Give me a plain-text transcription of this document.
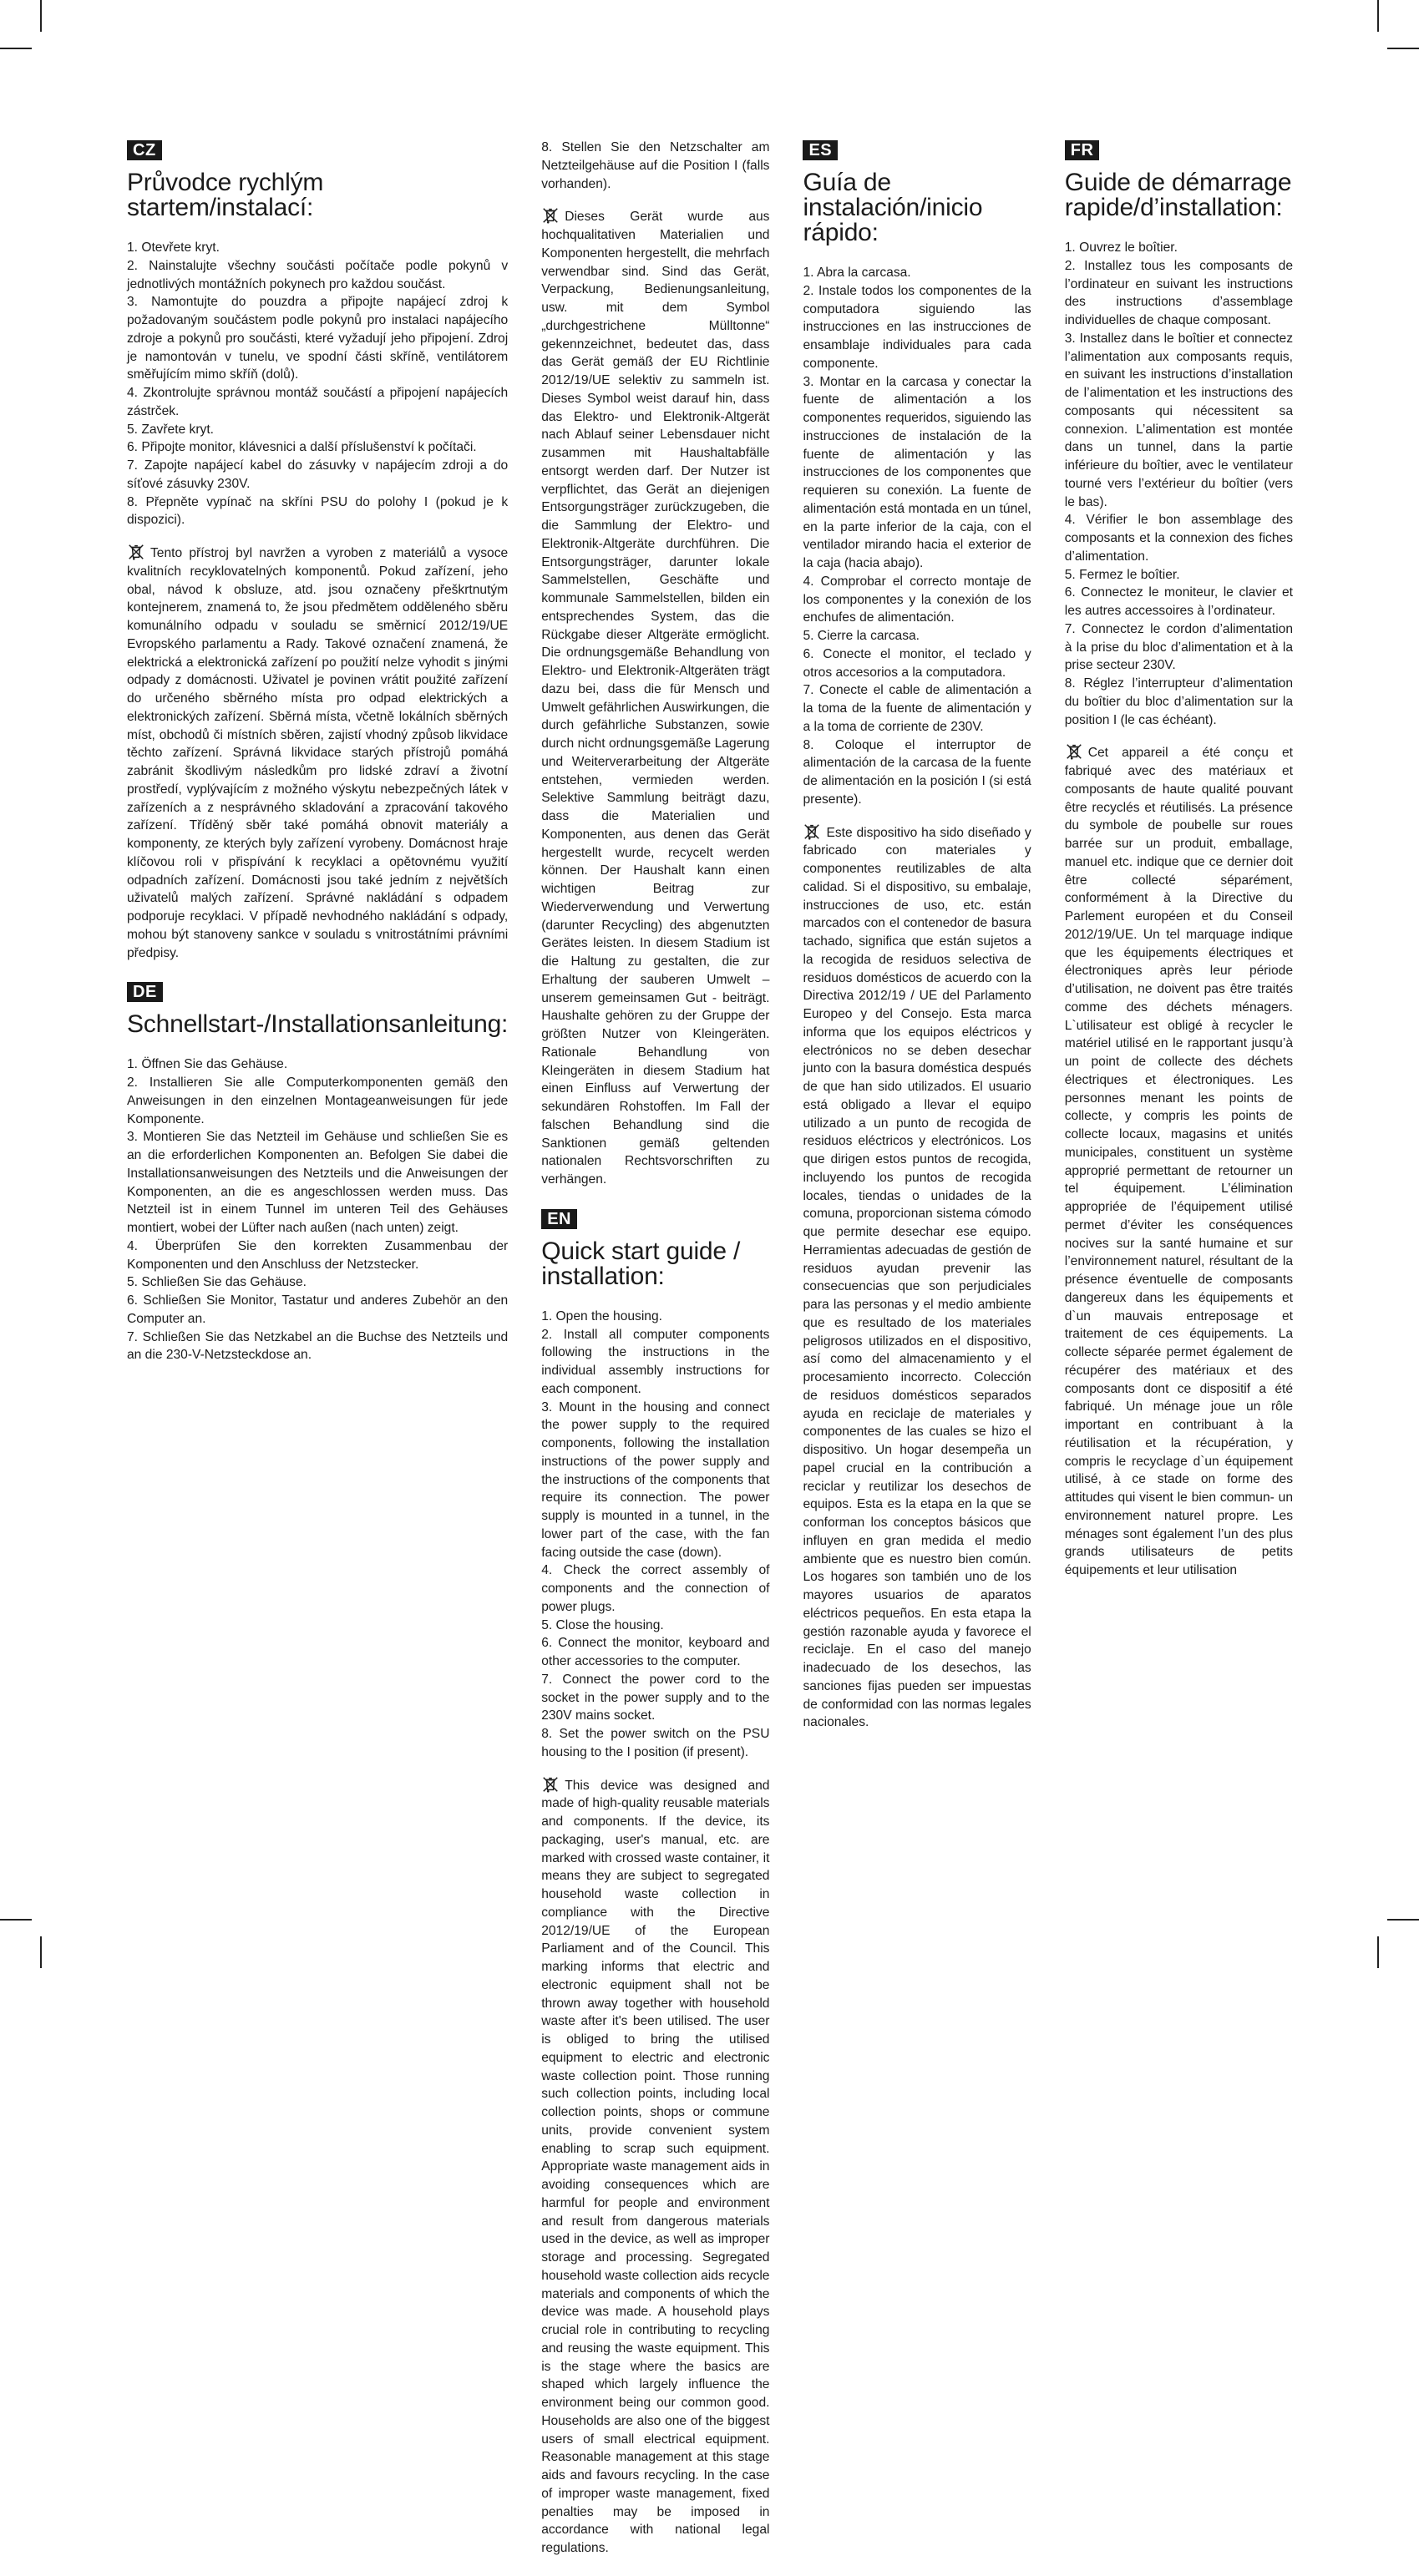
CZ
Průvodce rychlým startem/instalací:
1. Otevřete kryt.
2. Nainstalujte všechny součásti počítače podle pokynů v jednotlivých montážních pokynech pro každou součást.
3. Namontujte do pouzdra a připojte napájecí zdroj k požadovaným součástem podle pokynů pro instalaci napájecího zdroje a pokynů pro součásti, které vyžadují jeho připojení. Zdroj je namontován v tunelu, ve spodní části skříně, ventilátorem směřujícím mimo skříň (dolů).
4. Zkontrolujte správnou montáž součástí a připojení napájecích zástrček.
5. Zavřete kryt.
6. Připojte monitor, klávesnici a další příslušenství k počítači.
7. Zapojte napájecí kabel do zásuvky v napájecím zdroji a do síťové zásuvky 230V.
8. Přepněte vypínač na skříni PSU do polohy I (pokud je k dispozici).

Tento přístroj byl navržen a vyroben z materiálů a vysoce kvalitních recyklovatelných komponentů. Pokud zařízení, jeho obal, návod k obsluze, atd. jsou označeny přeškrtnutým kontejnerem, znamená to, že jsou předmětem odděleného sběru komunálního odpadu v souladu se směrnicí 2012/19/UE Evropského parlamentu a Rady. Takové označení znamená, že elektrická a elektronická zařízení po použití nelze vyhodit s jinými odpady z domácnosti. Uživatel je povinen vrátit použité zařízení do určeného sběrného místa pro odpad elektrických a elektronických zařízení. Sběrná místa, včetně lokálních sběrných míst, obchodů či místních sběren, zajistí vhodný způsob likvidace těchto zařízení. Správná likvidace starých přístrojů pomáhá zabránit škodlivým následkům pro lidské zdraví a životní prostředí, vyplývajícím z možného výskytu nebezpečných látek v zařízeních a z nesprávného skladování a zpracování takového zařízení. Tříděný sběr také pomáhá obnovit materiály a komponenty, ze kterých byly zařízení vyrobeny. Domácnost hraje klíčovou roli v přispívání k recyklaci a opětovnému využití odpadních zařízení. Domácnosti jsou také jedním z největších uživatelů malých zařízení. Správné nakládání s odpadem podporuje recyklaci. V případě nevhodného nakládání s odpady, mohou být stanoveny sankce v souladu s vnitrostátními právními předpisy.

DE
Schnellstart-/Installationsanleitung:
1. Öffnen Sie das Gehäuse.
2. Installieren Sie alle Computerkomponenten gemäß den Anweisungen in den einzelnen Montageanweisungen für jede Komponente.
3. Montieren Sie das Netzteil im Gehäuse und schließen Sie es an die erforderlichen Komponenten an. Befolgen Sie dabei die Installationsanweisungen des Netzteils und die Anweisungen der Komponenten, an die es angeschlossen werden muss. Das Netzteil ist in einem Tunnel im unteren Teil des Gehäuses montiert, wobei der Lüfter nach außen (nach unten) zeigt.
4. Überprüfen Sie den korrekten Zusammenbau der Komponenten und den Anschluss der Netzstecker.
5. Schließen Sie das Gehäuse.
6. Schließen Sie Monitor, Tastatur und anderes Zubehör an den Computer an.
7. Schließen Sie das Netzkabel an die Buchse des Netzteils und an die 230-V-Netzsteckdose an.
8. Stellen Sie den Netzschalter am Netzteilgehäuse auf die Position I (falls vorhanden).

Dieses Gerät wurde aus hochqualitativen Materialien und Komponenten hergestellt, die mehrfach verwendbar sind. Sind das Gerät, Verpackung, Bedienungsanleitung, usw. mit dem Symbol „durchgestrichene Mülltonne“ gekennzeichnet, bedeutet das, dass das Gerät gemäß der EU Richtlinie 2012/19/UE selektiv zu sammeln ist. Dieses Symbol weist darauf hin, dass das Elektro- und Elektronik-Altgerät nach Ablauf seiner Lebensdauer nicht zusammen mit Haushaltabfälle entsorgt werden darf. Der Nutzer ist verpflichtet, das Gerät an diejenigen Entsorgungsträger zurückzugeben, die die Sammlung der Elektro- und Elektronik-Altgeräte durchführen. Die Entsorgungsträger, darunter lokale Sammelstellen, Geschäfte und kommunale Sammelstellen, bilden ein entsprechendes System, das die Rückgabe dieser Altgeräte ermöglicht. Die ordnungsgemäße Behandlung von Elektro- und Elektronik-Altgeräten trägt dazu bei, dass die für Mensch und Umwelt gefährlichen Auswirkungen, die durch gefährliche Substanzen, sowie durch nicht ordnungsgemäße Lagerung und Weiterverarbeitung der Altgeräte entstehen, vermieden werden. Selektive Sammlung beiträgt dazu, dass die Materialien und Komponenten, aus denen das Gerät hergestellt wurde, recycelt werden können. Der Haushalt kann einen wichtigen Beitrag zur Wiederverwendung und Verwertung (darunter Recycling) des abgenutzten Gerätes leisten. In diesem Stadium ist die Haltung zu gestalten, die zur Erhaltung der sauberen Umwelt – unserem gemeinsamen Gut - beiträgt. Haushalte gehören zu der Gruppe der größten Nutzer von Kleingeräten. Rationale Behandlung von Kleingeräten in diesem Stadium hat einen Einfluss auf Verwertung der sekundären Rohstoffen. Im Fall der falschen Behandlung sind die Sanktionen gemäß geltenden nationalen Rechtsvorschriften zu verhängen.

EN
Quick start guide / installation:
1. Open the housing.
2. Install all computer components following the instructions in the individual assembly instructions for each component.
3. Mount in the housing and connect the power supply to the required components, following the installation instructions of the power supply and the instructions of the components that require its connection. The power supply is mounted in a tunnel, in the lower part of the case, with the fan facing outside the case (down).
4. Check the correct assembly of components and the connection of power plugs.
5. Close the housing.
6. Connect the monitor, keyboard and other accessories to the computer.
7. Connect the power cord to the socket in the power supply and to the 230V mains socket.
8. Set the power switch on the PSU housing to the I position (if present).

This device was designed and made of high-quality reusable materials and components. If the device, its packaging, user's manual, etc. are marked with crossed waste container, it means they are subject to segregated household waste collection in compliance with the Directive 2012/19/UE of the European Parliament and of the Council. This marking informs that electric and electronic equipment shall not be thrown away together with household waste after it's been utilised. The user is obliged to bring the utilised equipment to electric and electronic waste collection point. Those running such collection points, including local collection points, shops or commune units, provide convenient system enabling to scrap such equipment. Appropriate waste management aids in avoiding consequences which are harmful for people and environment and result from dangerous materials used in the device, as well as improper storage and processing. Segregated household waste collection aids recycle materials and components of which the device was made. A household plays crucial role in contributing to recycling and reusing the waste equipment. This is the stage where the basics are shaped which largely influence the environment being our common good. Households are also one of the biggest users of small electrical equipment. Reasonable management at this stage aids and favours recycling. In the case of improper waste management, fixed penalties may be imposed in accordance with national legal regulations.

ES
Guía de instalación/inicio rápido:
1. Abra la carcasa.
2. Instale todos los componentes de la computadora siguiendo las instrucciones en las instrucciones de ensamblaje individuales para cada componente.
3. Montar en la carcasa y conectar la fuente de alimentación a los componentes requeridos, siguiendo las instrucciones de instalación de la fuente de alimentación y las instrucciones de los componentes que requieren su conexión. La fuente de alimentación está montada en un túnel, en la parte inferior de la caja, con el ventilador mirando hacia el exterior de la caja (hacia abajo).
4. Comprobar el correcto montaje de los componentes y la conexión de los enchufes de alimentación.
5. Cierre la carcasa.
6. Conecte el monitor, el teclado y otros accesorios a la computadora.
7. Conecte el cable de alimentación a la toma de la fuente de alimentación y a la toma de corriente de 230V.
8. Coloque el interruptor de alimentación de la carcasa de la fuente de alimentación en la posición I (si está presente).

Este dispositivo ha sido diseñado y fabricado con materiales y componentes reutilizables de alta calidad. Si el dispositivo, su embalaje, instrucciones de uso, etc. están marcados con el contenedor de basura tachado, significa que están sujetos a la recogida de residuos selectiva de residuos domésticos de acuerdo con la Directiva 2012/19 / UE del Parlamento Europeo y del Consejo. Esta marca informa que los equipos eléctricos y electrónicos no se deben desechar junto con la basura doméstica después de que han sido utilizados. El usuario está obligado a llevar el equipo utilizado a un punto de recogida de residuos eléctricos y electrónicos. Los que dirigen estos puntos de recogida, incluyendo los puntos de recogida locales, tiendas o unidades de la comuna, proporcionan sistema cómodo que permite desechar ese equipo. Herramientas adecuadas de gestión de residuos ayudan prevenir las consecuencias que son perjudiciales para las personas y el medio ambiente que es resultado de los materiales peligrosos utilizados en el dispositivo, así como del almacenamiento y el procesamiento incorrecto. Colección de residuos domésticos separados ayuda en reciclaje de materiales y componentes de las cuales se hizo el dispositivo. Un hogar desempeña un papel crucial en la contribución a reciclar y reutilizar los desechos de equipos. Esta es la etapa en la que se conforman los conceptos básicos que influyen en gran medida el medio ambiente que es nuestro bien común. Los hogares son también uno de los mayores usuarios de aparatos eléctricos pequeños. En esta etapa la gestión razonable ayuda y favorece el reciclaje. En el caso del manejo inadecuado de los desechos, las sanciones fijas pueden ser impuestas de conformidad con las normas legales nacionales.

FR
Guide de démarrage rapide/d’installation:
1. Ouvrez le boîtier.
2. Installez tous les composants de l’ordinateur en suivant les instructions des instructions d’assemblage individuelles de chaque composant.
3. Installez dans le boîtier et connectez l’alimentation aux composants requis, en suivant les instructions d’installation de l’alimentation et les instructions des composants qui nécessitent sa connexion. L’alimentation est montée dans un tunnel, dans la partie inférieure du boîtier, avec le ventilateur tourné vers l’extérieur du boîtier (vers le bas).
4. Vérifier le bon assemblage des composants et la connexion des fiches d’alimentation.
5. Fermez le boîtier.
6. Connectez le moniteur, le clavier et les autres accessoires à l’ordinateur.
7. Connectez le cordon d’alimentation à la prise du bloc d’alimentation et à la prise secteur 230V.
8. Réglez l’interrupteur d’alimentation du boîtier du bloc d’alimentation sur la position I (le cas échéant).

Cet appareil a été conçu et fabriqué avec des matériaux et composants de haute qualité pouvant être recyclés et réutilisés. La présence du symbole de poubelle sur roues barrée sur un produit, emballage, manuel etc. indique que ce dernier doit être collecté séparément, conformément à la Directive du Parlement européen et du Conseil 2012/19/UE. Un tel marquage indique que les équipements électriques et électroniques après leur période d’utilisation, ne doivent pas être traités comme des déchets ménagers. L`utilisateur est obligé à recycler le matériel utilisé en le rapportant jusqu’à un point de collecte des déchets électriques et électroniques. Les personnes menant les points de collecte, y compris les points de collecte locaux, magasins et unités municipales, constituent un système approprié permettant de retourner un tel équipement. L’élimination appropriée de l’équipement utilisé permet d’éviter les conséquences nocives sur la santé humaine et sur l’environnement naturel, résultant de la présence éventuelle de composants dangereux dans les équipements et d`un mauvais entreposage et traitement de ces équipements. La collecte séparée permet également de récupérer des matériaux et des composants dont ce dispositif a été fabriqué. Un ménage joue un rôle important en contribuant à la réutilisation et la récupération, y compris le recyclage d`un équipement utilisé, à ce stade on forme des attitudes qui visent le bien commun- un environnement naturel propre. Les ménages sont également l’un des plus grands utilisateurs de petits équipements et leur utilisation
